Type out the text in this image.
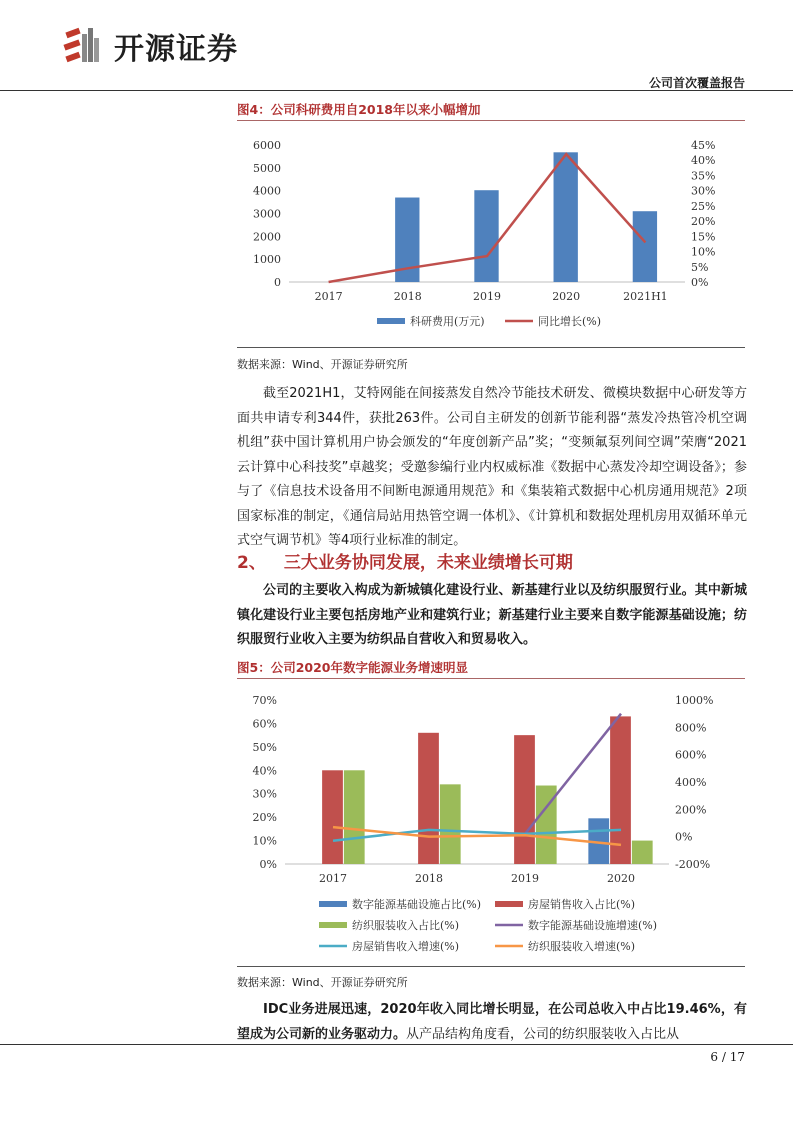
开源证券
公司首次覆盖报告
图4：公司科研费用自2018年以来小幅增加
0
1000
2000
3000
4000
5000
6000
0%
5%
10%
15%
20%
25%
30%
35%
40%
45%
2017	2018	2019	2020	2021H1
科研费用(万元)	同比增长(%)
数据来源：Wind、开源证券研究所

截至2021H1，艾特网能在间接蒸发自然冷节能技术研发、微模块数据中心研发等方面共申请专利344件，获批263件。公司自主研发的创新节能利器“蒸发冷热管冷机空调机组”获中国计算机用户协会颁发的“年度创新产品”奖；“变频氟泵列间空调”荣膺“2021云计算中心科技奖”卓越奖；受邀参编行业内权威标准《数据中心蒸发冷却空调设备》；参与了《信息技术设备用不间断电源通用规范》和《集装箱式数据中心机房通用规范》2项国家标准的制定，《通信局站用热管空调一体机》、《计算机和数据处理机房用双循环单元式空气调节机》等4项行业标准的制定。

2、 三大业务协同发展，未来业绩增长可期

公司的主要收入构成为新城镇化建设行业、新基建行业以及纺织服贸行业。其中新城镇化建设行业主要包括房地产业和建筑行业；新基建行业主要来自数字能源基础设施；纺织服贸行业收入主要为纺织品自营收入和贸易收入。

图5：公司2020年数字能源业务增速明显
0%
10%
20%
30%
40%
50%
60%
70%
-200%
0%
200%
400%
600%
800%
1000%
2017	2018	2019	2020
数字能源基础设施占比(%)	房屋销售收入占比(%)
纺织服装收入占比(%)	数字能源基础设施增速(%)
房屋销售收入增速(%)	纺织服装收入增速(%)
数据来源：Wind、开源证券研究所

IDC业务进展迅速，2020年收入同比增长明显，在公司总收入中占比19.46%，有望成为公司新的业务驱动力。从产品结构角度看，公司的纺织服装收入占比从

6 / 17
